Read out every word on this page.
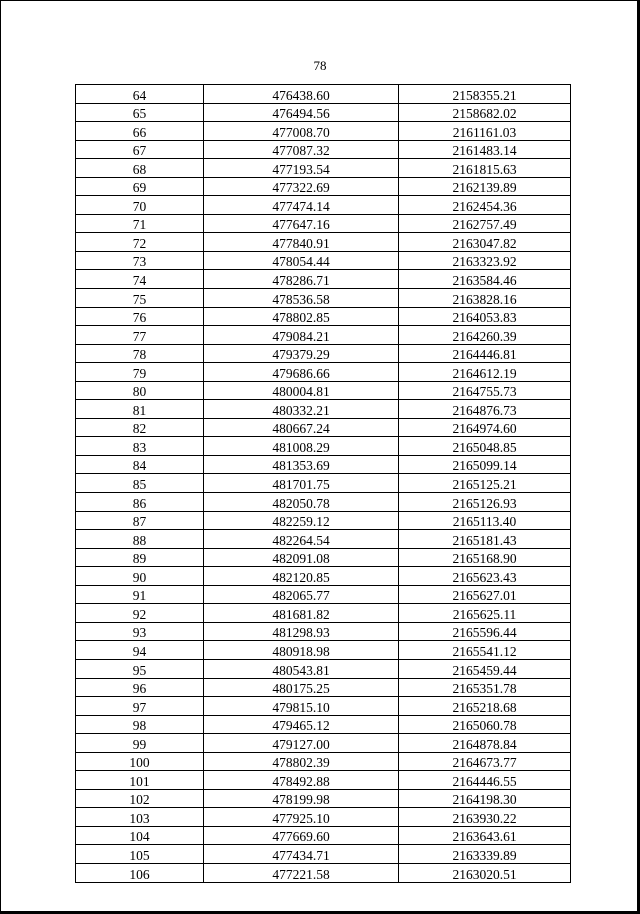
78
64	476438.60	2158355.21
65	476494.56	2158682.02
66	477008.70	2161161.03
67	477087.32	2161483.14
68	477193.54	2161815.63
69	477322.69	2162139.89
70	477474.14	2162454.36
71	477647.16	2162757.49
72	477840.91	2163047.82
73	478054.44	2163323.92
74	478286.71	2163584.46
75	478536.58	2163828.16
76	478802.85	2164053.83
77	479084.21	2164260.39
78	479379.29	2164446.81
79	479686.66	2164612.19
80	480004.81	2164755.73
81	480332.21	2164876.73
82	480667.24	2164974.60
83	481008.29	2165048.85
84	481353.69	2165099.14
85	481701.75	2165125.21
86	482050.78	2165126.93
87	482259.12	2165113.40
88	482264.54	2165181.43
89	482091.08	2165168.90
90	482120.85	2165623.43
91	482065.77	2165627.01
92	481681.82	2165625.11
93	481298.93	2165596.44
94	480918.98	2165541.12
95	480543.81	2165459.44
96	480175.25	2165351.78
97	479815.10	2165218.68
98	479465.12	2165060.78
99	479127.00	2164878.84
100	478802.39	2164673.77
101	478492.88	2164446.55
102	478199.98	2164198.30
103	477925.10	2163930.22
104	477669.60	2163643.61
105	477434.71	2163339.89
106	477221.58	2163020.51
